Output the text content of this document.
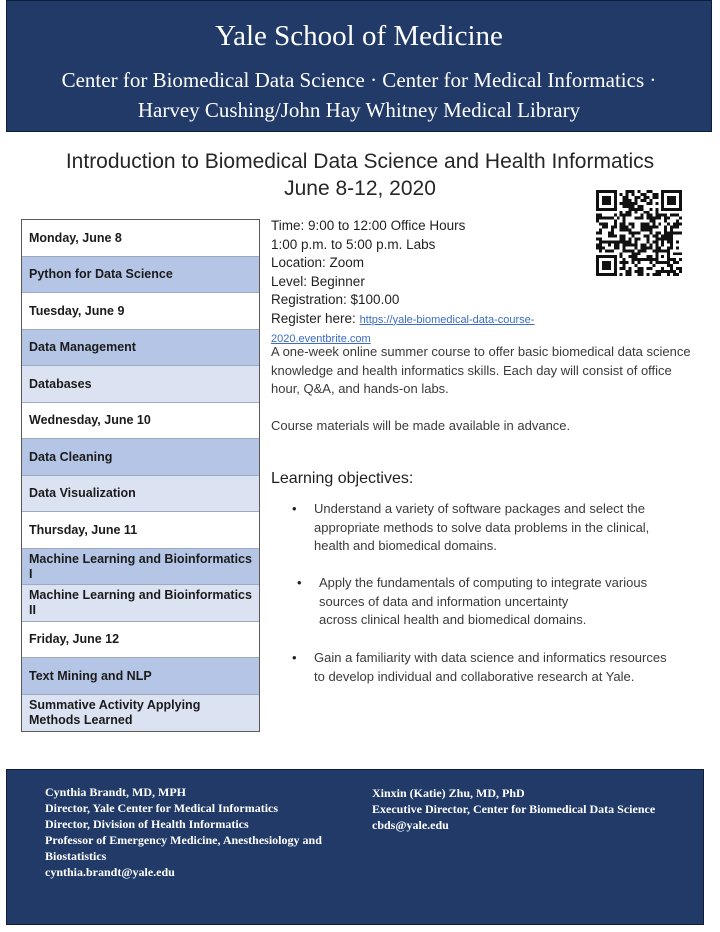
Yale School of Medicine
Center for Biomedical Data Science · Center for Medical Informatics ·
Harvey Cushing/John Hay Whitney Medical Library
Introduction to Biomedical Data Science and Health Informatics
June 8-12, 2020
Monday, June 8
Python for Data Science
Tuesday, June 9
Data Management
Databases
Wednesday, June 10
Data Cleaning
Data Visualization
Thursday, June 11
Machine Learning and Bioinformatics I
Machine Learning and Bioinformatics II
Friday, June 12
Text Mining and NLP
Summative Activity Applying Methods Learned
Time: 9:00 to 12:00 Office Hours
1:00 p.m. to 5:00 p.m. Labs
Location: Zoom
Level: Beginner
Registration: $100.00
Register here: https://yale-biomedical-data-course-2020.eventbrite.com

A one-week online summer course to offer basic biomedical data science knowledge and health informatics skills. Each day will consist of office hour, Q&A, and hands-on labs.

Course materials will be made available in advance.

Learning objectives:
• Understand a variety of software packages and select the
appropriate methods to solve data problems in the clinical,
health and biomedical domains.
• Apply the fundamentals of computing to integrate various
sources of data and information uncertainty
across clinical health and biomedical domains.
• Gain a familiarity with data science and informatics resources
to develop individual and collaborative research at Yale.
Cynthia Brandt, MD, MPH
Director, Yale Center for Medical Informatics
Director, Division of Health Informatics
Professor of Emergency Medicine, Anesthesiology and
Biostatistics
cynthia.brandt@yale.edu
Xinxin (Katie) Zhu, MD, PhD
Executive Director, Center for Biomedical Data Science
cbds@yale.edu
